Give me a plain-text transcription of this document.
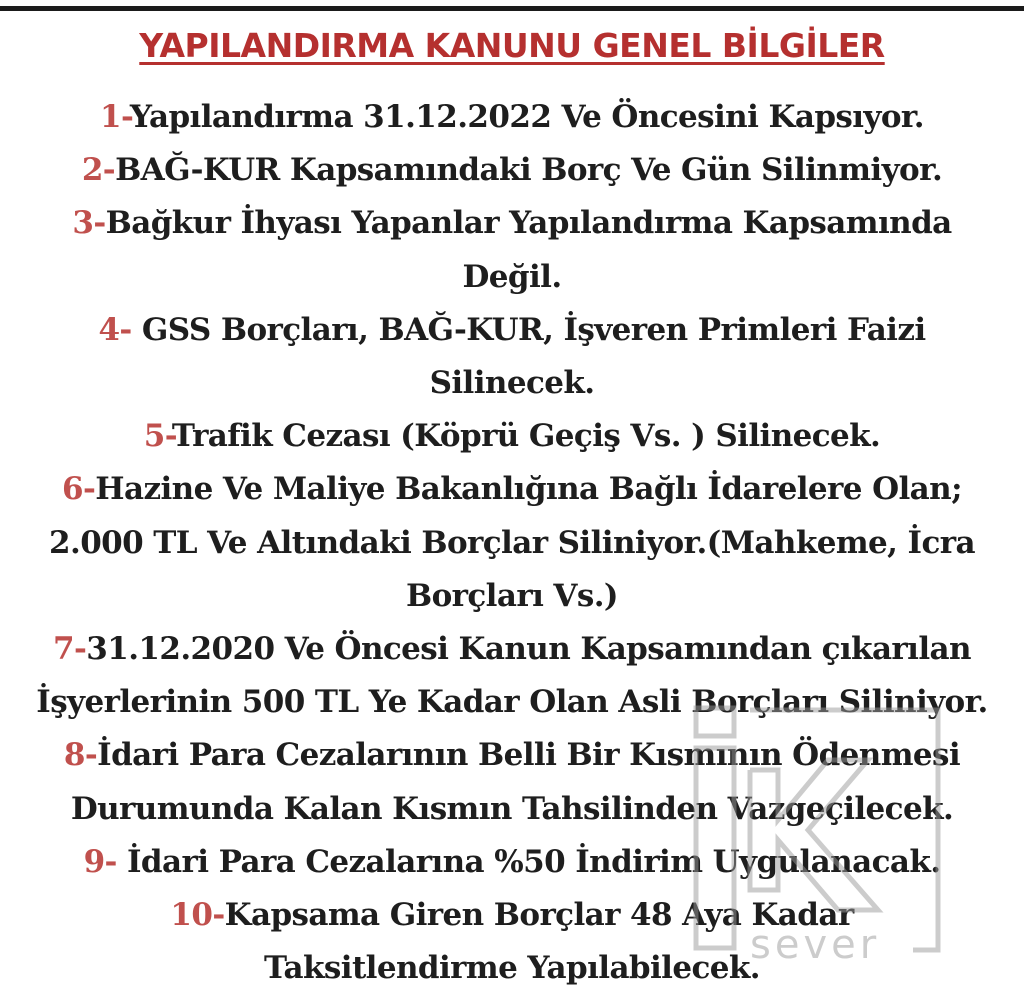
YAPILANDIRMA KANUNU GENEL BİLGİLER

1-Yapılandırma 31.12.2022 Ve Öncesini Kapsıyor.

2-BAĞ-KUR Kapsamındaki Borç Ve Gün Silinmiyor.

3-Bağkur İhyası Yapanlar Yapılandırma Kapsamında Değil.

4- GSS Borçları, BAĞ-KUR, İşveren Primleri Faizi Silinecek.

5-Trafik Cezası (Köprü Geçiş Vs. ) Silinecek.

6-Hazine Ve Maliye Bakanlığına Bağlı İdarelere Olan; 2.000 TL Ve Altındaki Borçlar Siliniyor.(Mahkeme, İcra Borçları Vs.)

7-31.12.2020 Ve Öncesi Kanun Kapsamından çıkarılan İşyerlerinin 500 TL Ye Kadar Olan Asli Borçları Siliniyor.

8-İdari Para Cezalarının Belli Bir Kısmının Ödenmesi Durumunda Kalan Kısmın Tahsilinden Vazgeçilecek.

9- İdari Para Cezalarına %50 İndirim Uygulanacak.

10-Kapsama Giren Borçlar 48 Aya Kadar Taksitlendirme Yapılabilecek.

sever
